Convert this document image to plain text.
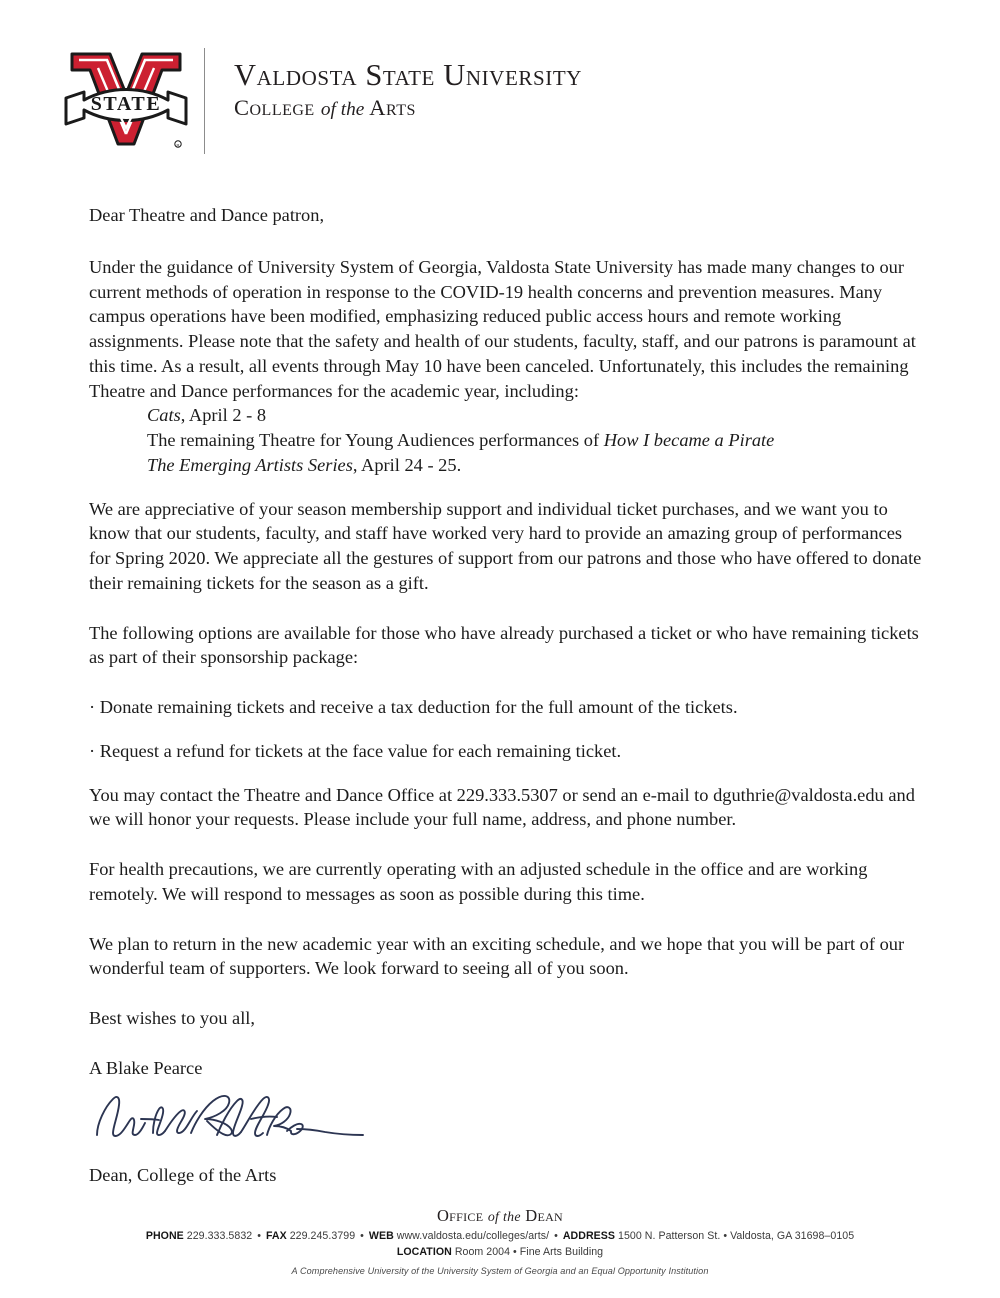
STATE
R
Valdosta State University
College of the Arts

Dear Theatre and Dance patron,

Under the guidance of University System of Georgia, Valdosta State University has made many changes to our current methods of operation in response to the COVID-19 health concerns and prevention measures. Many campus operations have been modified, emphasizing reduced public access hours and remote working assignments. Please note that the safety and health of our students, faculty, staff, and our patrons is paramount at this time. As a result, all events through May 10 have been canceled. Unfortunately, this includes the remaining Theatre and Dance performances for the academic year, including:

Cats, April 2 - 8
The remaining Theatre for Young Audiences performances of How I became a Pirate
The Emerging Artists Series, April 24 - 25.

We are appreciative of your season membership support and individual ticket purchases, and we want you to know that our students, faculty, and staff have worked very hard to provide an amazing group of performances for Spring 2020. We appreciate all the gestures of support from our patrons and those who have offered to donate their remaining tickets for the season as a gift.

The following options are available for those who have already purchased a ticket or who have remaining tickets as part of their sponsorship package:

· Donate remaining tickets and receive a tax deduction for the full amount of the tickets.

· Request a refund for tickets at the face value for each remaining ticket.

You may contact the Theatre and Dance Office at 229.333.5307 or send an e-mail to dguthrie@valdosta.edu and we will honor your requests. Please include your full name, address, and phone number.

For health precautions, we are currently operating with an adjusted schedule in the office and are working remotely. We will respond to messages as soon as possible during this time.

We plan to return in the new academic year with an exciting schedule, and we hope that you will be part of our wonderful team of supporters. We look forward to seeing all of you soon.

Best wishes to you all,

A Blake Pearce

Dean, College of the Arts

Office of the Dean
PHONE 229.333.5832 • FAX 229.245.3799 • WEB www.valdosta.edu/colleges/arts/ • ADDRESS 1500 N. Patterson St. • Valdosta, GA 31698–0105
LOCATION Room 2004 • Fine Arts Building
A Comprehensive University of the University System of Georgia and an Equal Opportunity Institution
